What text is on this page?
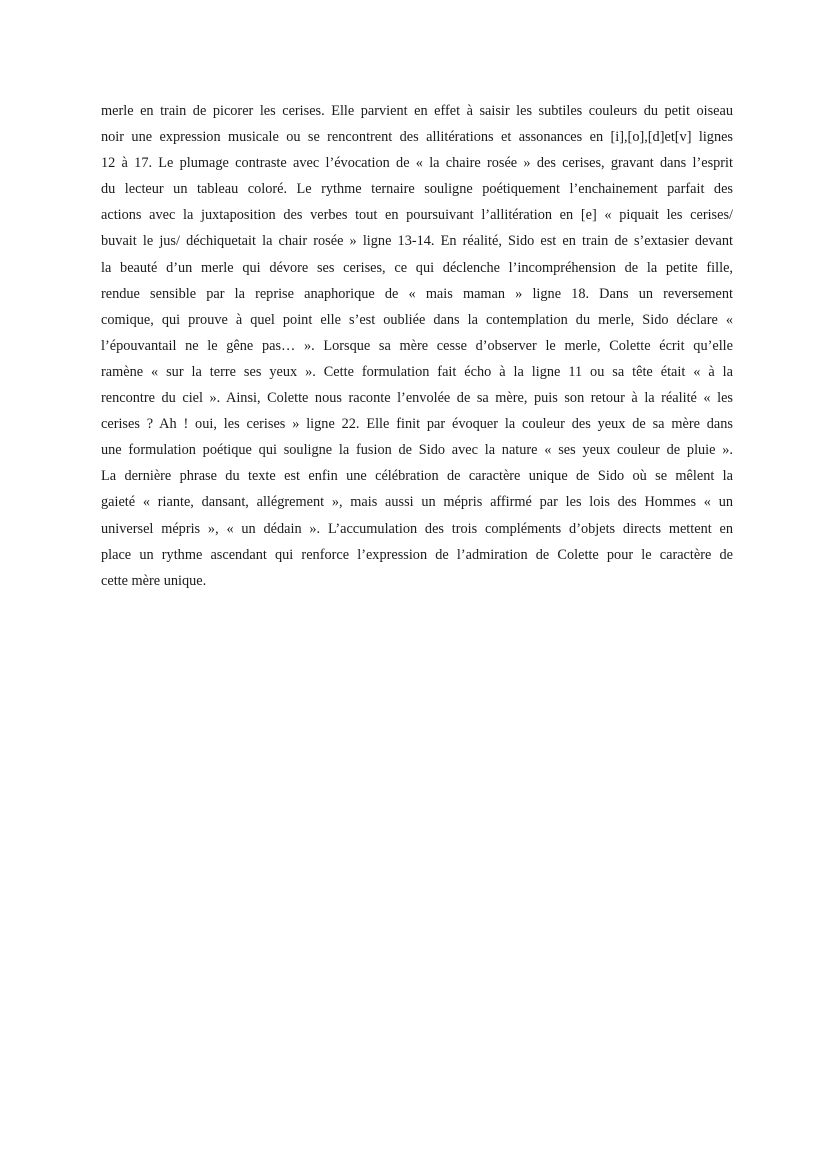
merle en train de picorer les cerises. Elle parvient en effet à saisir les subtiles couleurs du petit oiseau
noir une expression musicale ou se rencontrent des allitérations et assonances en [i],[o],[d]et[v] lignes
12 à 17. Le plumage contraste avec l’évocation de « la chaire rosée » des cerises, gravant dans l’esprit
du lecteur un tableau coloré. Le rythme ternaire souligne poétiquement l’enchainement parfait des
actions avec la juxtaposition des verbes tout en poursuivant l’allitération en [e] « piquait les cerises/
buvait le jus/ déchiquetait la chair rosée » ligne 13-14. En réalité, Sido est en train de s’extasier devant
la beauté d’un merle qui dévore ses cerises, ce qui déclenche l’incompréhension de la petite fille,
rendue sensible par la reprise anaphorique de « mais maman » ligne 18. Dans un reversement
comique, qui prouve à quel point elle s’est oubliée dans la contemplation du merle, Sido déclare «
l’épouvantail ne le gêne pas… ». Lorsque sa mère cesse d’observer le merle, Colette écrit qu’elle
ramène « sur la terre ses yeux ». Cette formulation fait écho à la ligne 11 ou sa tête était « à la
rencontre du ciel ». Ainsi, Colette nous raconte l’envolée de sa mère, puis son retour à la réalité « les
cerises ? Ah ! oui, les cerises » ligne 22. Elle finit par évoquer la couleur des yeux de sa mère dans
une formulation poétique qui souligne la fusion de Sido avec la nature « ses yeux couleur de pluie ».
La dernière phrase du texte est enfin une célébration de caractère unique de Sido où se mêlent la
gaieté « riante, dansant, allégrement », mais aussi un mépris affirmé par les lois des Hommes « un
universel mépris », « un dédain ». L’accumulation des trois compléments d’objets directs mettent en
place un rythme ascendant qui renforce l’expression de l’admiration de Colette pour le caractère de
cette mère unique.
